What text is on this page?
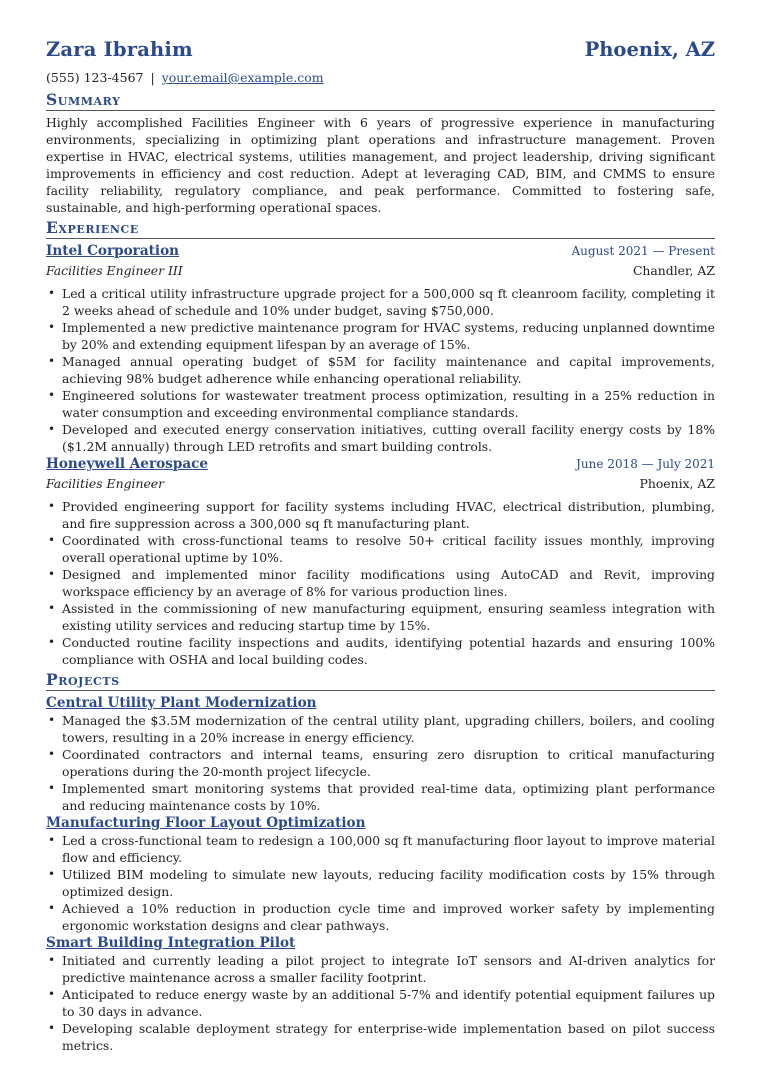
Zara Ibrahim	Phoenix, AZ
(555) 123-4567 | your.email@example.com
Summary
Highly accomplished Facilities Engineer with 6 years of progressive experience in manufacturing environments, specializing in optimizing plant operations and infrastructure management. Proven expertise in HVAC, electrical systems, utilities management, and project leadership, driving significant improvements in efficiency and cost reduction. Adept at leveraging CAD, BIM, and CMMS to ensure facility reliability, regulatory compliance, and peak performance. Committed to fostering safe, sustainable, and high-performing operational spaces.
Experience
Intel Corporation	August 2021 — Present
Facilities Engineer III	Chandler, AZ
• Led a critical utility infrastructure upgrade project for a 500,000 sq ft cleanroom facility, completing it 2 weeks ahead of schedule and 10% under budget, saving $750,000.
• Implemented a new predictive maintenance program for HVAC systems, reducing unplanned downtime by 20% and extending equipment lifespan by an average of 15%.
• Managed annual operating budget of $5M for facility maintenance and capital improvements, achieving 98% budget adherence while enhancing operational reliability.
• Engineered solutions for wastewater treatment process optimization, resulting in a 25% reduction in water consumption and exceeding environmental compliance standards.
• Developed and executed energy conservation initiatives, cutting overall facility energy costs by 18% ($1.2M annually) through LED retrofits and smart building controls.
Honeywell Aerospace	June 2018 — July 2021
Facilities Engineer	Phoenix, AZ
• Provided engineering support for facility systems including HVAC, electrical distribution, plumbing, and fire suppression across a 300,000 sq ft manufacturing plant.
• Coordinated with cross-functional teams to resolve 50+ critical facility issues monthly, improving overall operational uptime by 10%.
• Designed and implemented minor facility modifications using AutoCAD and Revit, improving workspace efficiency by an average of 8% for various production lines.
• Assisted in the commissioning of new manufacturing equipment, ensuring seamless integration with existing utility services and reducing startup time by 15%.
• Conducted routine facility inspections and audits, identifying potential hazards and ensuring 100% compliance with OSHA and local building codes.
Projects
Central Utility Plant Modernization
• Managed the $3.5M modernization of the central utility plant, upgrading chillers, boilers, and cooling towers, resulting in a 20% increase in energy efficiency.
• Coordinated contractors and internal teams, ensuring zero disruption to critical manufacturing operations during the 20-month project lifecycle.
• Implemented smart monitoring systems that provided real-time data, optimizing plant performance and reducing maintenance costs by 10%.
Manufacturing Floor Layout Optimization
• Led a cross-functional team to redesign a 100,000 sq ft manufacturing floor layout to improve material flow and efficiency.
• Utilized BIM modeling to simulate new layouts, reducing facility modification costs by 15% through optimized design.
• Achieved a 10% reduction in production cycle time and improved worker safety by implementing ergonomic workstation designs and clear pathways.
Smart Building Integration Pilot
• Initiated and currently leading a pilot project to integrate IoT sensors and AI-driven analytics for predictive maintenance across a smaller facility footprint.
• Anticipated to reduce energy waste by an additional 5-7% and identify potential equipment failures up to 30 days in advance.
• Developing scalable deployment strategy for enterprise-wide implementation based on pilot success metrics.
